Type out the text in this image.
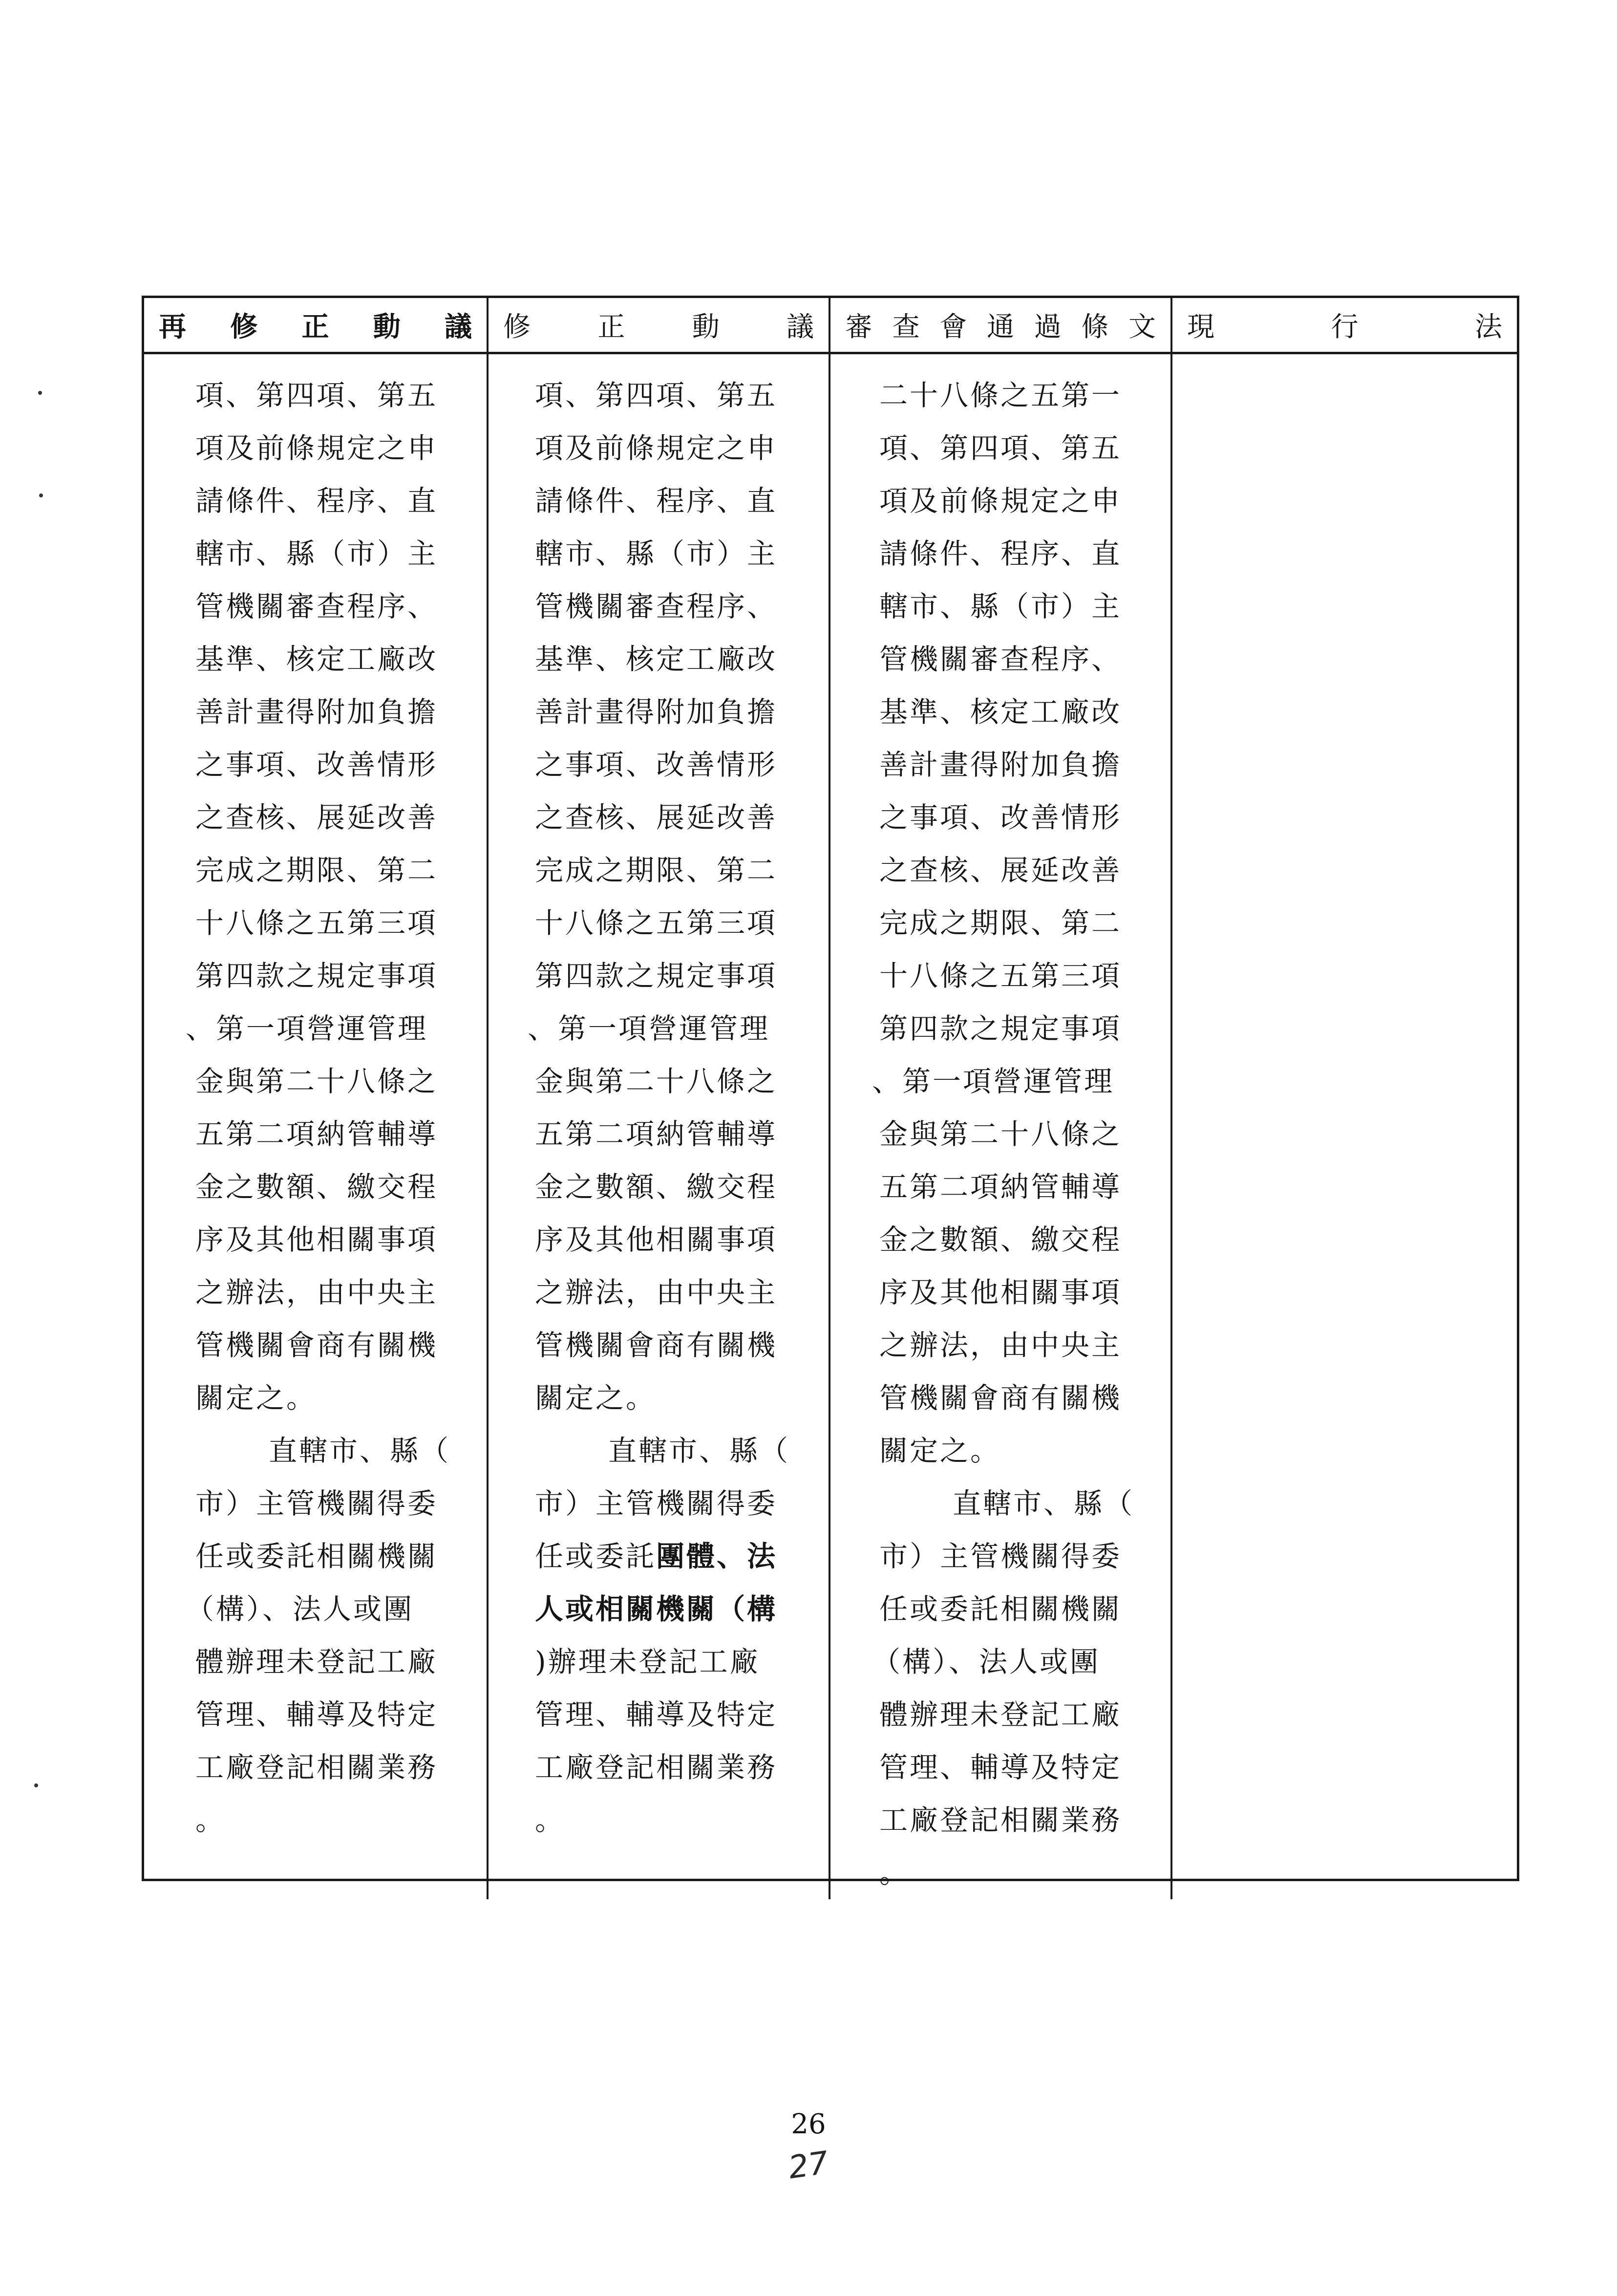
再 修 正 動 議 修 正 動 議 審查會通過條文 現 行 法
項、第四項、第五
項及前條規定之申
請條件、程序、直
轄市、縣（市）主
管機關審查程序、
基準、核定工廠改
善計畫得附加負擔
之事項、改善情形
之查核、展延改善
完成之期限、第二
十八條之五第三項
第四款之規定事項
、第一項營運管理
金與第二十八條之
五第二項納管輔導
金之數額、繳交程
序及其他相關事項
之辦法，由中央主
管機關會商有關機
關定之。
直轄市、縣（
市）主管機關得委
任或委託相關機關
（構）、法人或團
體辦理未登記工廠
管理、輔導及特定
工廠登記相關業務
。
項、第四項、第五
項及前條規定之申
請條件、程序、直
轄市、縣（市）主
管機關審查程序、
基準、核定工廠改
善計畫得附加負擔
之事項、改善情形
之查核、展延改善
完成之期限、第二
十八條之五第三項
第四款之規定事項
、第一項營運管理
金與第二十八條之
五第二項納管輔導
金之數額、繳交程
序及其他相關事項
之辦法，由中央主
管機關會商有關機
關定之。
直轄市、縣（
市）主管機關得委
任或委託團體、法
人或相關機關（構
)辦理未登記工廠
管理、輔導及特定
工廠登記相關業務
。
二十八條之五第一
項、第四項、第五
項及前條規定之申
請條件、程序、直
轄市、縣（市）主
管機關審查程序、
基準、核定工廠改
善計畫得附加負擔
之事項、改善情形
之查核、展延改善
完成之期限、第二
十八條之五第三項
第四款之規定事項
、第一項營運管理
金與第二十八條之
五第二項納管輔導
金之數額、繳交程
序及其他相關事項
之辦法，由中央主
管機關會商有關機
關定之。
直轄市、縣（
市）主管機關得委
任或委託相關機關
（構）、法人或團
體辦理未登記工廠
管理、輔導及特定
工廠登記相關業務
。
26
27
